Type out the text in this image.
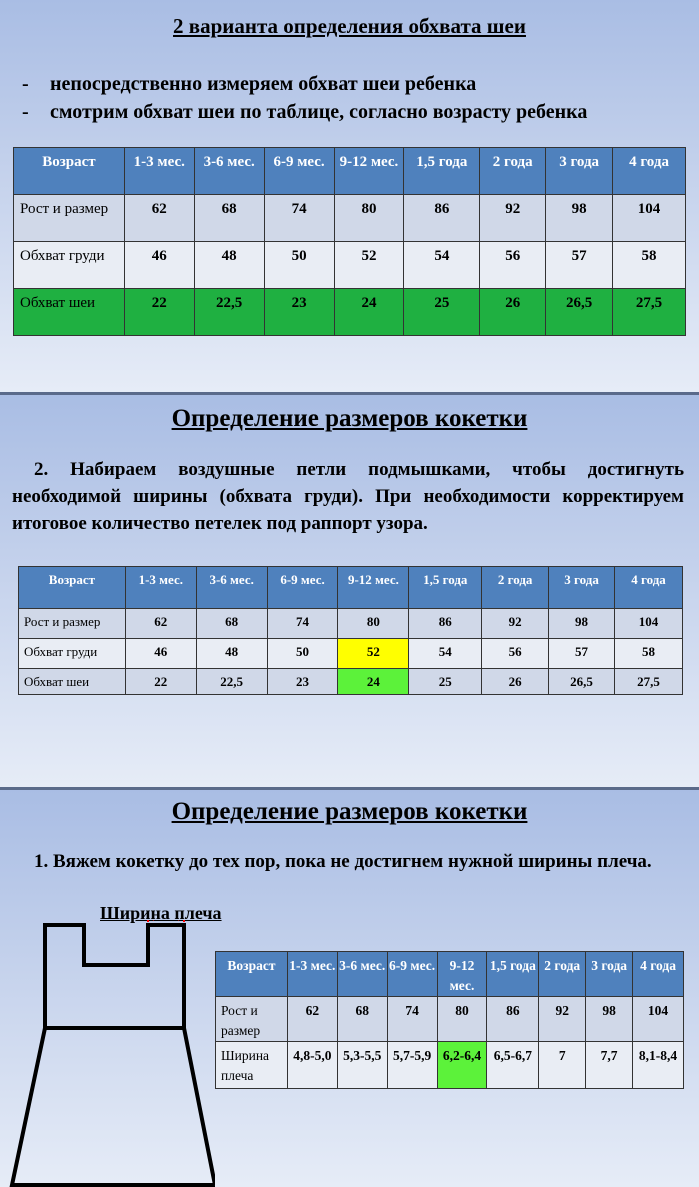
2 варианта определения обхвата шеи
-	непосредственно измеряем обхват шеи ребенка
-	смотрим обхват шеи по таблице, согласно возрасту ребенка
Возраст	1-3 мес.	3-6 мес.	6-9 мес.	9-12 мес.	1,5 года	2 года	3 года	4 года
Рост и размер	62	68	74	80	86	92	98	104
Обхват груди	46	48	50	52	54	56	57	58
Обхват шеи	22	22,5	23	24	25	26	26,5	27,5
Определение размеров кокетки
2. Набираем воздушные петли подмышками, чтобы достигнуть необходимой ширины (обхвата груди). При необходимости корректируем итоговое количество петелек под раппорт узора.
Возраст	1-3 мес.	3-6 мес.	6-9 мес.	9-12 мес.	1,5 года	2 года	3 года	4 года
Рост и размер	62	68	74	80	86	92	98	104
Обхват груди	46	48	50	52	54	56	57	58
Обхват шеи	22	22,5	23	24	25	26	26,5	27,5
Определение размеров кокетки
1. Вяжем кокетку до тех пор, пока не достигнем нужной ширины плеча.
Ширина плеча
Возраст	1-3 мес.	3-6 мес.	6-9 мес.	9-12 мес.	1,5 года	2 года	3 года	4 года
Рост и размер	62	68	74	80	86	92	98	104
Ширина плеча	4,8-5,0	5,3-5,5	5,7-5,9	6,2-6,4	6,5-6,7	7	7,7	8,1-8,4
